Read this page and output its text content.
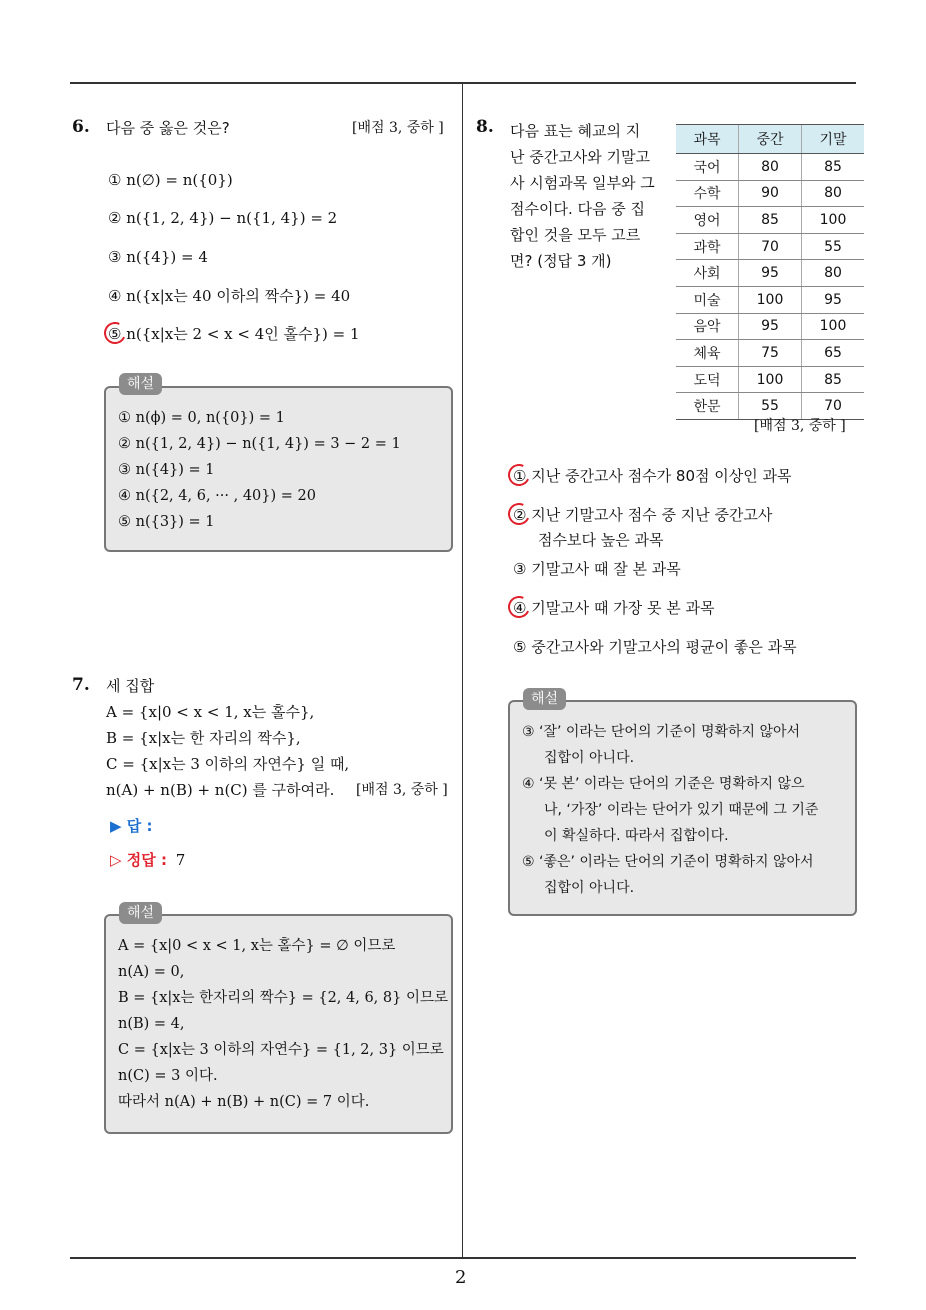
2
6. 다음 중 옳은 것은?	[배점 3, 중하 ]
① n(∅) = n({0})
② n({1, 2, 4}) − n({1, 4}) = 2
③ n({4}) = 4
④ n({x|x는 40 이하의 짝수}) = 40
⑤ n({x|x는 2 < x < 4인 홀수}) = 1
① n(ϕ) = 0, n({0}) = 1
② n({1, 2, 4}) − n({1, 4}) = 3 − 2 = 1
③ n({4}) = 1
④ n({2, 4, 6, ··· , 40}) = 20
⑤ n({3}) = 1
해설
7. 세 집합
A = {x|0 < x < 1, x는 홀수},
B = {x|x는 한 자리의 짝수},
C = {x|x는 3 이하의 자연수} 일 때,
n(A) + n(B) + n(C) 를 구하여라. [배점 3, 중하 ]
▶ 답 :
▷ 정답 : 7
A = {x|0 < x < 1, x는 홀수} = ∅ 이므로
n(A) = 0,
B = {x|x는 한자리의 짝수} = {2, 4, 6, 8} 이므로
n(B) = 4,
C = {x|x는 3 이하의 자연수} = {1, 2, 3} 이므로
n(C) = 3 이다.
따라서 n(A) + n(B) + n(C) = 7 이다.
해설
8. 다음 표는 혜교의 지
난 중간고사와 기말고
사 시험과목 일부와 그
점수이다. 다음 중 집
합인 것을 모두 고르
면? (정답 3 개)
과목	중간	기말
국어	80	85
수학	90	80
영어	85	100
과학	70	55
사회	95	80
미술	100	95
음악	95	100
체육	75	65
도덕	100	85
한문	55	70
[배점 3, 중하 ]
① 지난 중간고사 점수가 80점 이상인 과목
② 지난 기말고사 점수 중 지난 중간고사
점수보다 높은 과목
③ 기말고사 때 잘 본 과목
④ 기말고사 때 가장 못 본 과목
⑤ 중간고사와 기말고사의 평균이 좋은 과목
③ ‘잘’ 이라는 단어의 기준이 명확하지 않아서
집합이 아니다.
④ ‘못 본’ 이라는 단어의 기준은 명확하지 않으
나, ‘가장’ 이라는 단어가 있기 때문에 그 기준
이 확실하다. 따라서 집합이다.
⑤ ‘좋은’ 이라는 단어의 기준이 명확하지 않아서
집합이 아니다.
해설
